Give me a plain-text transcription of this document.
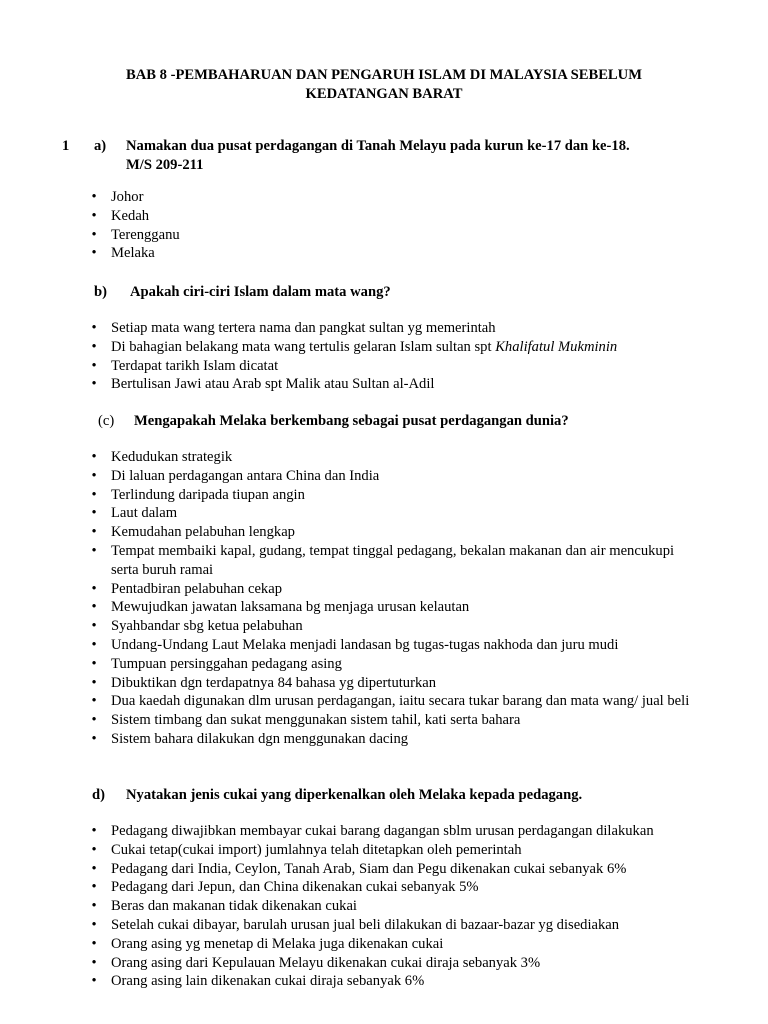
BAB 8 -PEMBAHARUAN DAN PENGARUH ISLAM DI MALAYSIA SEBELUM
KEDATANGAN BARAT
1 a) Namakan dua pusat perdagangan di Tanah Melayu pada kurun ke-17 dan ke-18.
M/S 209-211
• Johor
• Kedah
• Terengganu
• Melaka
b) Apakah ciri-ciri Islam dalam mata wang?
• Setiap mata wang tertera nama dan pangkat sultan yg memerintah
• Di bahagian belakang mata wang tertulis gelaran Islam sultan spt Khalifatul Mukminin
• Terdapat tarikh Islam dicatat
• Bertulisan Jawi atau Arab spt Malik atau Sultan al-Adil
(c) Mengapakah Melaka berkembang sebagai pusat perdagangan dunia?
• Kedudukan strategik
• Di laluan perdagangan antara China dan India
• Terlindung daripada tiupan angin
• Laut dalam
• Kemudahan pelabuhan lengkap
• Tempat membaiki kapal, gudang, tempat tinggal pedagang, bekalan makanan dan air mencukupi serta buruh ramai
• Pentadbiran pelabuhan cekap
• Mewujudkan jawatan laksamana bg menjaga urusan kelautan
• Syahbandar sbg ketua pelabuhan
• Undang-Undang Laut Melaka menjadi landasan bg tugas-tugas nakhoda dan juru mudi
• Tumpuan persinggahan pedagang asing
• Dibuktikan dgn terdapatnya 84 bahasa yg dipertuturkan
• Dua kaedah digunakan dlm urusan perdagangan, iaitu secara tukar barang dan mata wang/ jual beli
• Sistem timbang dan sukat menggunakan sistem tahil, kati serta bahara
• Sistem bahara dilakukan dgn menggunakan dacing
d) Nyatakan jenis cukai yang diperkenalkan oleh Melaka kepada pedagang.
• Pedagang diwajibkan membayar cukai barang dagangan sblm urusan perdagangan dilakukan
• Cukai tetap(cukai import) jumlahnya telah ditetapkan oleh pemerintah
• Pedagang dari India, Ceylon, Tanah Arab, Siam dan Pegu dikenakan cukai sebanyak 6%
• Pedagang dari Jepun, dan China dikenakan cukai sebanyak 5%
• Beras dan makanan tidak dikenakan cukai
• Setelah cukai dibayar, barulah urusan jual beli dilakukan di bazaar-bazar yg disediakan
• Orang asing yg menetap di Melaka juga dikenakan cukai
• Orang asing dari Kepulauan Melayu dikenakan cukai diraja sebanyak 3%
• Orang asing lain dikenakan cukai diraja sebanyak 6%
